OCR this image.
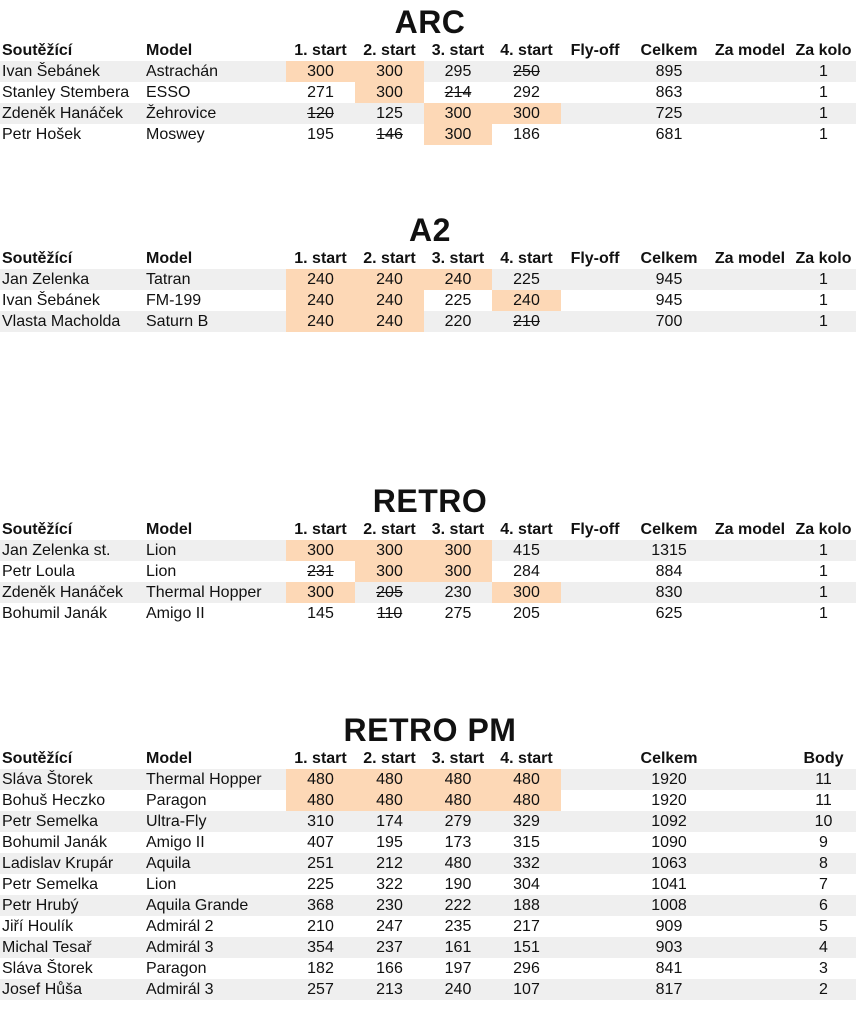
ARC
Soutěžící	Model	1. start	2. start	3. start	4. start	Fly-off	Celkem	Za model	Za kolo
Ivan Šebánek	Astrachán	300	300	295	250		895		1
Stanley Stembera	ESSO	271	300	214	292		863		1
Zdeněk Hanáček	Žehrovice	120	125	300	300		725		1
Petr Hošek	Moswey	195	146	300	186		681		1
A2
Soutěžící	Model	1. start	2. start	3. start	4. start	Fly-off	Celkem	Za model	Za kolo
Jan Zelenka	Tatran	240	240	240	225		945		1
Ivan Šebánek	FM-199	240	240	225	240		945		1
Vlasta Macholda	Saturn B	240	240	220	210		700		1
RETRO
Soutěžící	Model	1. start	2. start	3. start	4. start	Fly-off	Celkem	Za model	Za kolo
Jan Zelenka st.	Lion	300	300	300	415		1315		1
Petr Loula	Lion	231	300	300	284		884		1
Zdeněk Hanáček	Thermal Hopper	300	205	230	300		830		1
Bohumil Janák	Amigo II	145	110	275	205		625		1
RETRO PM
Soutěžící	Model	1. start	2. start	3. start	4. start		Celkem		Body
Sláva Štorek	Thermal Hopper	480	480	480	480		1920		11
Bohuš Heczko	Paragon	480	480	480	480		1920		11
Petr Semelka	Ultra-Fly	310	174	279	329		1092		10
Bohumil Janák	Amigo II	407	195	173	315		1090		9
Ladislav Krupár	Aquila	251	212	480	332		1063		8
Petr Semelka	Lion	225	322	190	304		1041		7
Petr Hrubý	Aquila Grande	368	230	222	188		1008		6
Jiří Houlík	Admirál 2	210	247	235	217		909		5
Michal Tesař	Admirál 3	354	237	161	151		903		4
Sláva Štorek	Paragon	182	166	197	296		841		3
Josef Hůša	Admirál 3	257	213	240	107		817		2
